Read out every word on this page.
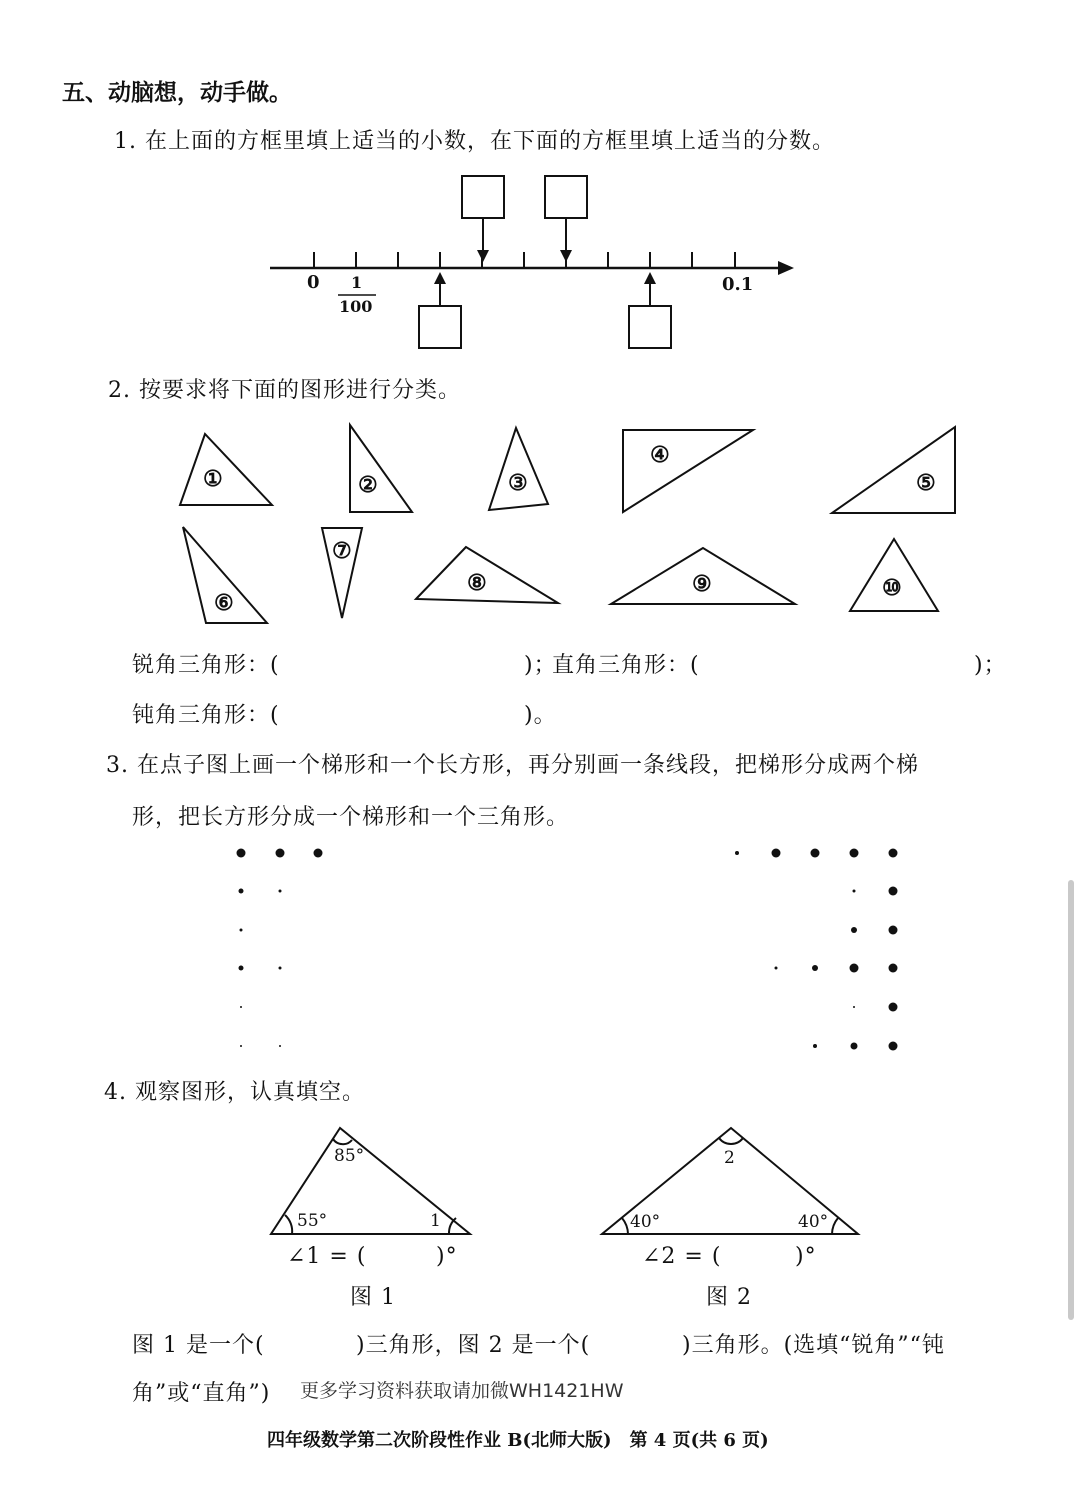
五、动脑想，动手做。
1. 在上面的方框里填上适当的小数，在下面的方框里填上适当的分数。
0 1
100
0.1
2. 按要求将下面的图形进行分类。
①	②	③
④
⑤
⑥
⑦
⑧	⑨	⑩
锐角三角形：(	)；
直角三角形：(	)；
钝角三角形：(	)。
3. 在点子图上画一个梯形和一个长方形，再分别画一条线段，把梯形分成两个梯
形，把长方形分成一个梯形和一个三角形。
4. 观察图形，认真填空。
85°
55°	1
2
40°	40°
∠1 = (	)°	∠2 = (	)°
图 1	图 2
图 1 是一个(	)三角形，图 2 是一个(	)三角形。(选填“锐角”“钝
角”或“直角”) 更多学习资料获取请加微WH1421HW
四年级数学第二次阶段性作业 B(北师大版)　第 4 页(共 6 页)
